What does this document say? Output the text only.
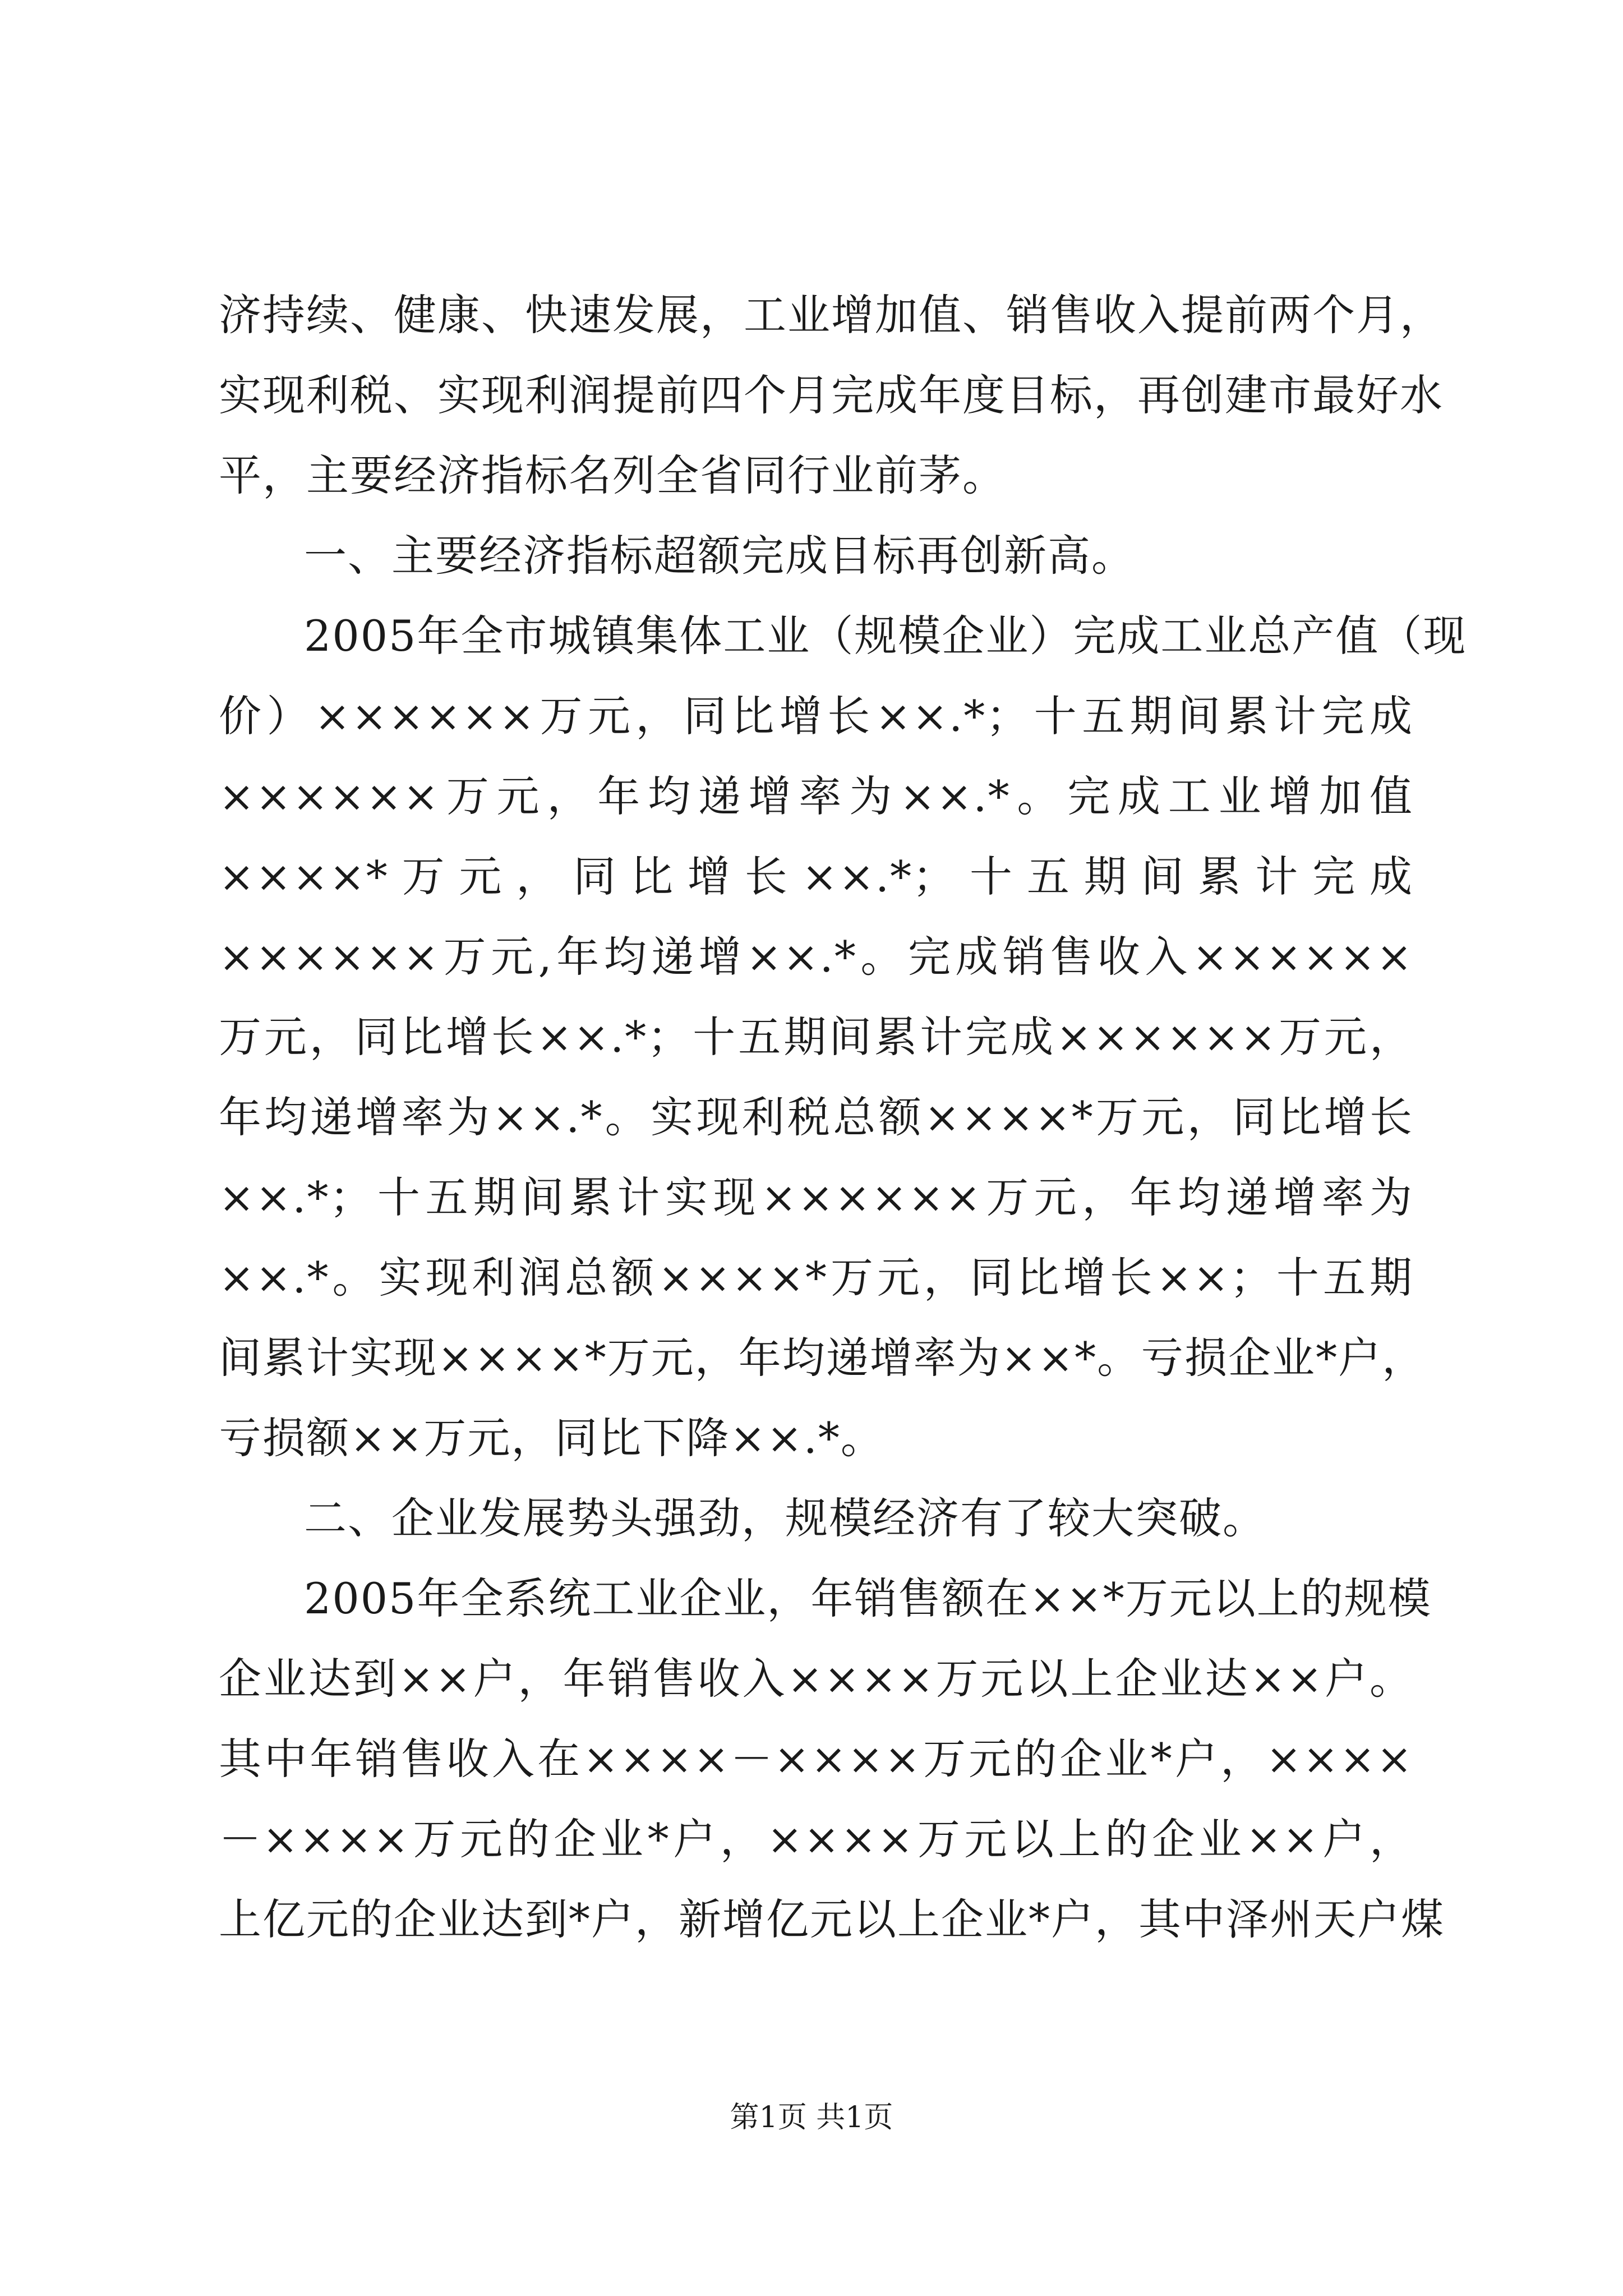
济持续、健康、快速发展，工业增加值、销售收入提前两个月，
实现利税、实现利润提前四个月完成年度目标，再创建市最好水
平，主要经济指标名列全省同行业前茅。
一、主要经济指标超额完成目标再创新高。
2005年全市城镇集体工业（规模企业）完成工业总产值（现
价）××××××万元，同比增长××.*；十五期间累计完成
××××××万元，年均递增率为××.*。完成工业增加值
××××*万元，同比增长××.*；十五期间累计完成
××××××万元,年均递增××.*。完成销售收入××××××
万元，同比增长××.*；十五期间累计完成××××××万元，
年均递增率为××.*。实现利税总额××××*万元，同比增长
××.*；十五期间累计实现××××××万元，年均递增率为
××.*。实现利润总额××××*万元，同比增长××；十五期
间累计实现××××*万元，年均递增率为××*。亏损企业*户，
亏损额××万元，同比下降××.*。
二、企业发展势头强劲，规模经济有了较大突破。
2005年全系统工业企业，年销售额在××*万元以上的规模
企业达到××户，年销售收入××××万元以上企业达××户。
其中年销售收入在××××－××××万元的企业*户，××××
－××××万元的企业*户，××××万元以上的企业××户，
上亿元的企业达到*户，新增亿元以上企业*户，其中泽州天户煤
第1页 共1页
